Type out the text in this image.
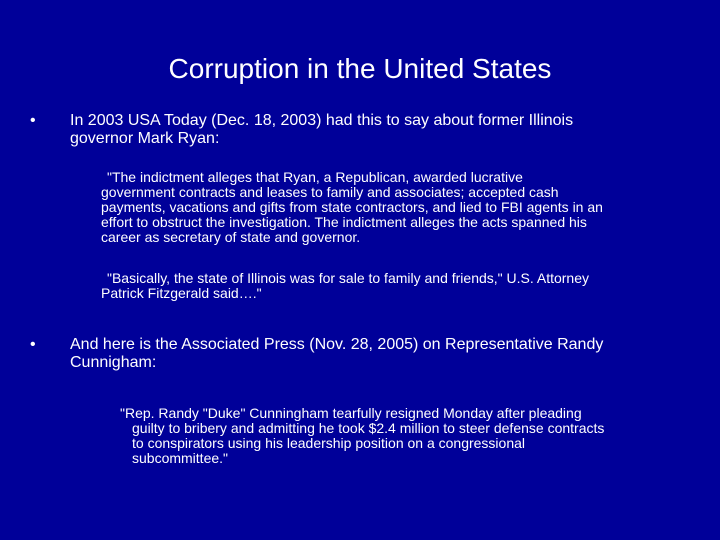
Corruption in the United States
• In 2003 USA Today (Dec. 18, 2003) had this to say about former Illinois
governor Mark Ryan:
"The indictment alleges that Ryan, a Republican, awarded lucrative
government contracts and leases to family and associates; accepted cash
payments, vacations and gifts from state contractors, and lied to FBI agents in an
effort to obstruct the investigation. The indictment alleges the acts spanned his
career as secretary of state and governor.
"Basically, the state of Illinois was for sale to family and friends," U.S. Attorney
Patrick Fitzgerald said…."
• And here is the Associated Press (Nov. 28, 2005) on Representative Randy
Cunnigham:
"Rep. Randy "Duke" Cunningham tearfully resigned Monday after pleading
guilty to bribery and admitting he took $2.4 million to steer defense contracts
to conspirators using his leadership position on a congressional
subcommittee."
